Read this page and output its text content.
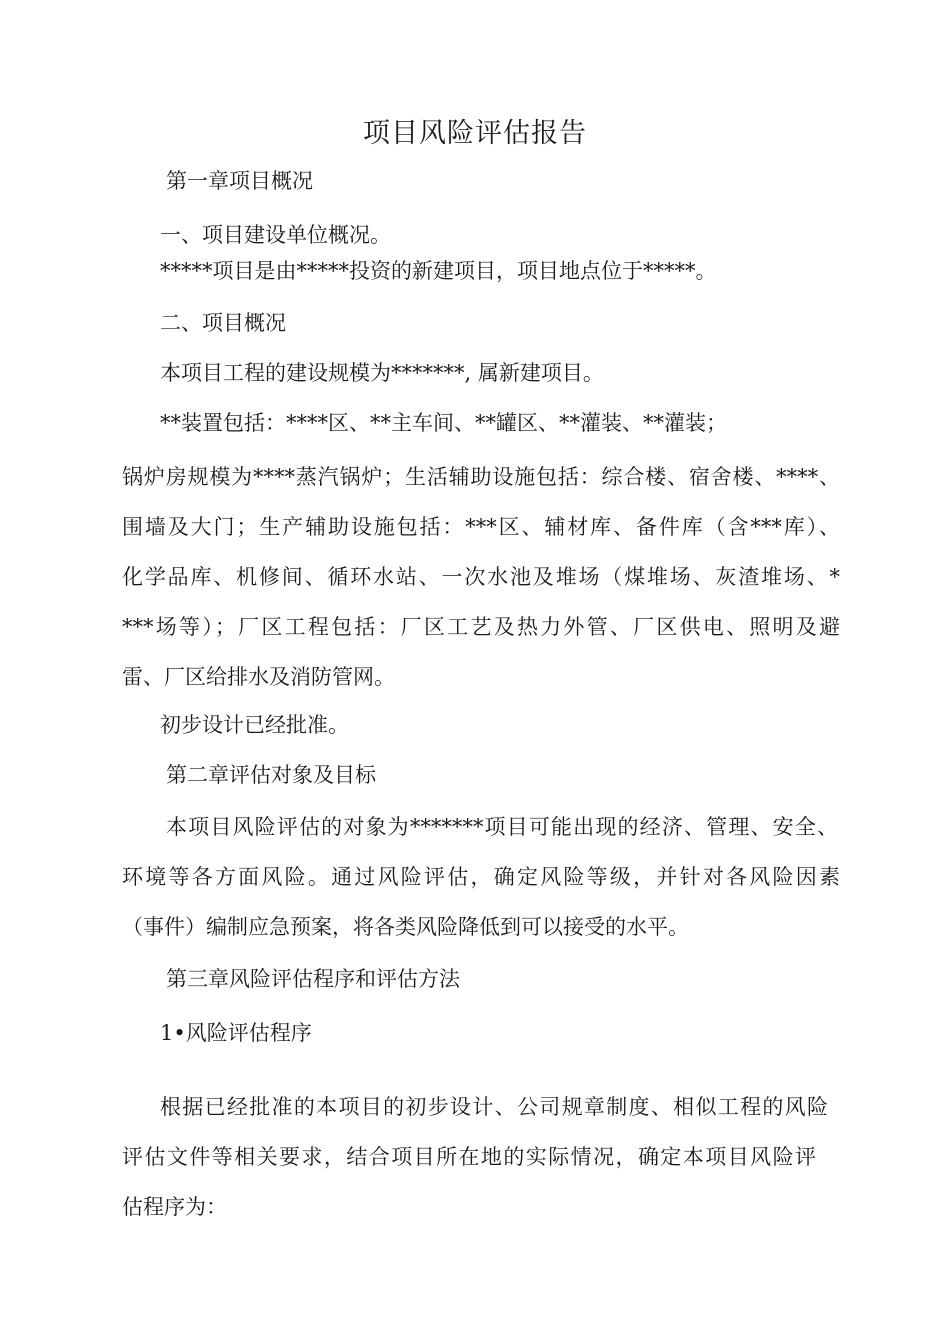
项目风险评估报告
第一章项目概况
一、项目建设单位概况。
*****项目是由*****投资的新建项目，项目地点位于*****。
二、项目概况
本项目工程的建设规模为*******, 属新建项目。
**装置包括：****区、**主车间、**罐区、**灌装、**灌装；
锅炉房规模为****蒸汽锅炉；生活辅助设施包括：综合楼、宿舍楼、****、
围墙及大门；生产辅助设施包括：***区、辅材库、备件库（含***库）、
化学品库、机修间、循环水站、一次水池及堆场（煤堆场、灰渣堆场、*
***场等）；厂区工程包括：厂区工艺及热力外管、厂区供电、照明及避
雷、厂区给排水及消防管网。
初步设计已经批准。
第二章评估对象及目标
本项目风险评估的对象为*******项目可能出现的经济、管理、安全、
环境等各方面风险。通过风险评估，确定风险等级，并针对各风险因素
（事件）编制应急预案，将各类风险降低到可以接受的水平。
第三章风险评估程序和评估方法
1•风险评估程序
根据已经批准的本项目的初步设计、公司规章制度、相似工程的风险
评估文件等相关要求，结合项目所在地的实际情况，确定本项目风险评
估程序为：
